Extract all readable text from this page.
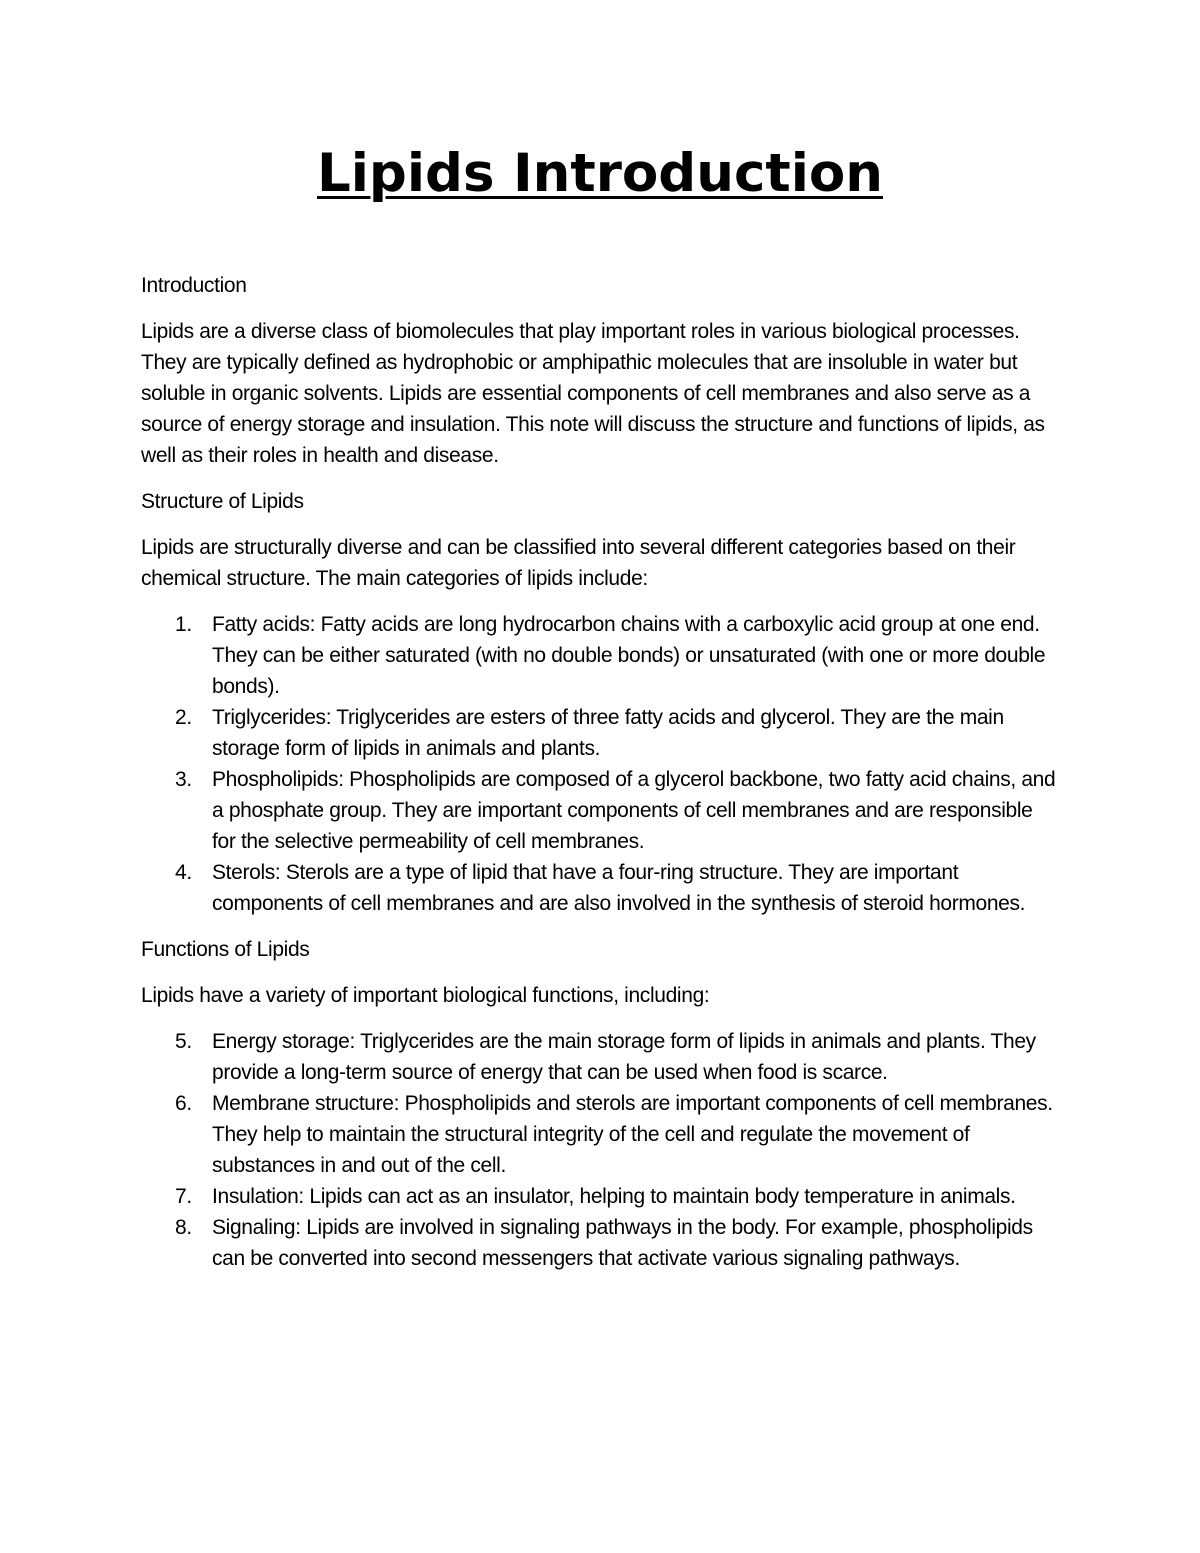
Lipids Introduction

Introduction

Lipids are a diverse class of biomolecules that play important roles in various biological processes. They are typically defined as hydrophobic or amphipathic molecules that are insoluble in water but soluble in organic solvents. Lipids are essential components of cell membranes and also serve as a source of energy storage and insulation. This note will discuss the structure and functions of lipids, as well as their roles in health and disease.

Structure of Lipids

Lipids are structurally diverse and can be classified into several different categories based on their chemical structure. The main categories of lipids include:

1. Fatty acids: Fatty acids are long hydrocarbon chains with a carboxylic acid group at one end. They can be either saturated (with no double bonds) or unsaturated (with one or more double bonds).
2. Triglycerides: Triglycerides are esters of three fatty acids and glycerol. They are the main storage form of lipids in animals and plants.
3. Phospholipids: Phospholipids are composed of a glycerol backbone, two fatty acid chains, and a phosphate group. They are important components of cell membranes and are responsible for the selective permeability of cell membranes.
4. Sterols: Sterols are a type of lipid that have a four-ring structure. They are important components of cell membranes and are also involved in the synthesis of steroid hormones.

Functions of Lipids

Lipids have a variety of important biological functions, including:

5. Energy storage: Triglycerides are the main storage form of lipids in animals and plants. They provide a long-term source of energy that can be used when food is scarce.
6. Membrane structure: Phospholipids and sterols are important components of cell membranes. They help to maintain the structural integrity of the cell and regulate the movement of substances in and out of the cell.
7. Insulation: Lipids can act as an insulator, helping to maintain body temperature in animals.
8. Signaling: Lipids are involved in signaling pathways in the body. For example, phospholipids can be converted into second messengers that activate various signaling pathways.
